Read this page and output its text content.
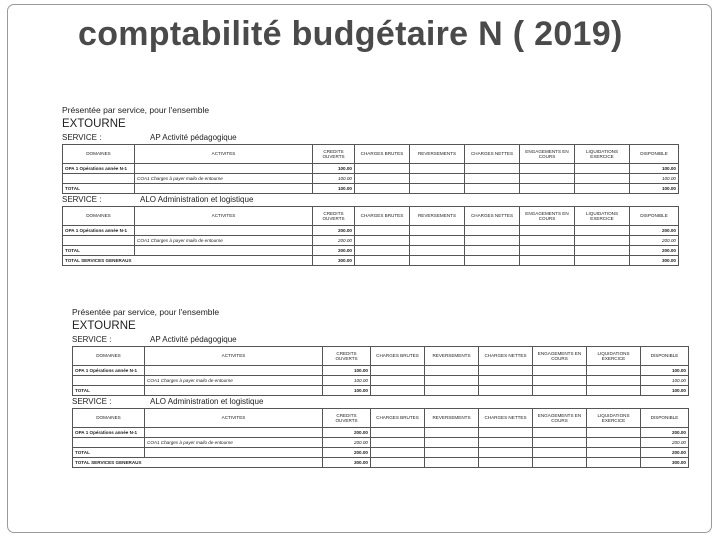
comptabilité budgétaire N ( 2019)
Présentée par service, pour l'ensemble
EXTOURNE
SERVICE :	AP Activité pédagogique
DOMAINES	ACTIVITES	CREDITS OUVERTS	CHARGES BRUTES	REVERSEMENTS	CHARGES NETTES	ENGAGEMENTS EN COURS	LIQUIDATIONS EXERCICE	DISPONIBLE
OPA 1 Opérations année N-1		100.00						100.00
	COA1 Charges à payer mailo de entourne	100.00						100.00
TOTAL		100.00						100.00
SERVICE :	ALO Administration et logistique
DOMAINES	ACTIVITES	CREDITS OUVERTS	CHARGES BRUTES	REVERSEMENTS	CHARGES NETTES	ENGAGEMENTS EN COURS	LIQUIDATIONS EXERCICE	DISPONIBLE
OPA 1 Opérations année N-1		200.00						200.00
	COA1 Charges à payer mailo de entourne	200.00						200.00
TOTAL		200.00						200.00
TOTAL SERVICES GENERAUX		300.00						300.00
Présentée par service, pour l'ensemble
EXTOURNE
SERVICE :	AP Activité pédagogique
DOMAINES	ACTIVITES	CREDITS OUVERTS	CHARGES BRUTES	REVERSEMENTS	CHARGES NETTES	ENGAGEMENTS EN COURS	LIQUIDATIONS EXERCICE	DISPONIBLE
OPA 1 Opérations année N-1		100.00						100.00
	COA1 Charges à payer mailo de entourne	100.00						100.00
TOTAL		100.00						100.00
SERVICE :	ALO Administration et logistique
DOMAINES	ACTIVITES	CREDITS OUVERTS	CHARGES BRUTES	REVERSEMENTS	CHARGES NETTES	ENGAGEMENTS EN COURS	LIQUIDATIONS EXERCICE	DISPONIBLE
OPA 1 Opérations année N-1		200.00						200.00
	COA1 Charges à payer mailo de entourne	200.00						200.00
TOTAL		200.00						200.00
TOTAL SERVICES GENERAUX		300.00						300.00
